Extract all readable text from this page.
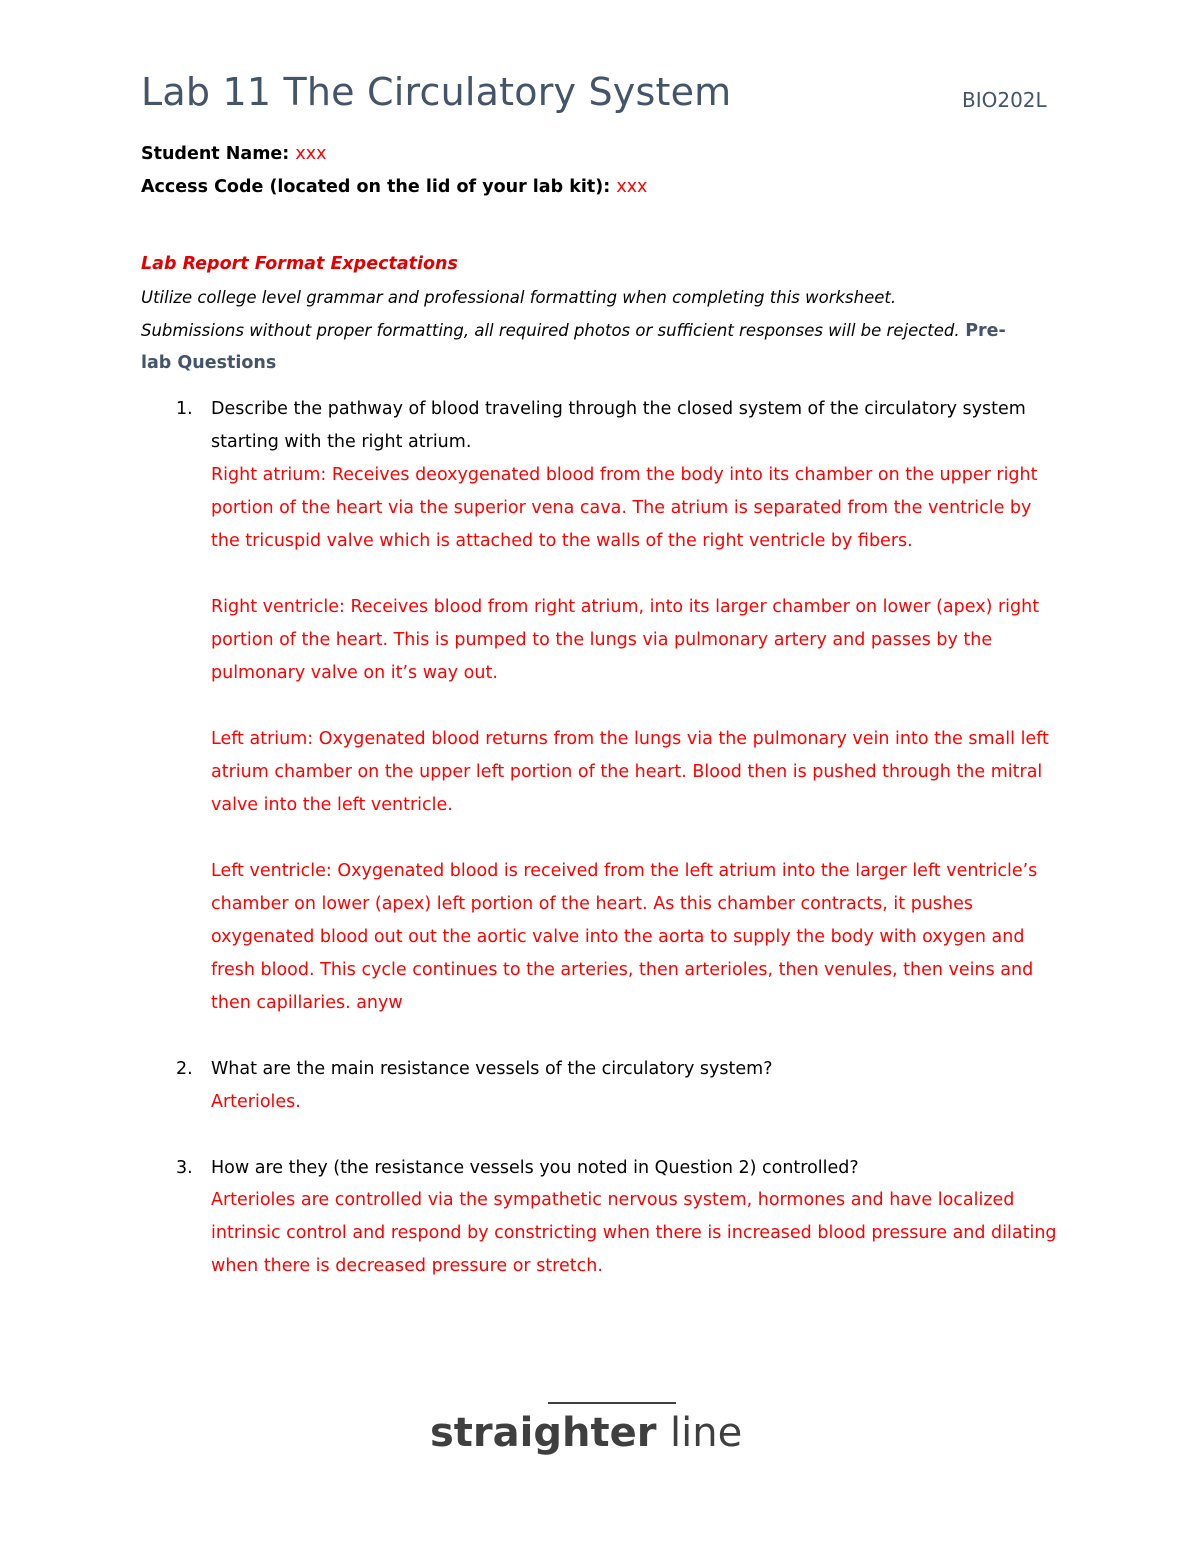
Lab 11 The Circulatory System	BIO202L
Student Name: xxx
Access Code (located on the lid of your lab kit): xxx
Lab Report Format Expectations
Utilize college level grammar and professional formatting when completing this worksheet.
Submissions without proper formatting, all required photos or sufficient responses will be rejected. Pre-
lab Questions
1. Describe the pathway of blood traveling through the closed system of the circulatory system
starting with the right atrium.
Right atrium: Receives deoxygenated blood from the body into its chamber on the upper right
portion of the heart via the superior vena cava. The atrium is separated from the ventricle by
the tricuspid valve which is attached to the walls of the right ventricle by fibers.
Right ventricle: Receives blood from right atrium, into its larger chamber on lower (apex) right
portion of the heart. This is pumped to the lungs via pulmonary artery and passes by the
pulmonary valve on it’s way out.
Left atrium: Oxygenated blood returns from the lungs via the pulmonary vein into the small left
atrium chamber on the upper left portion of the heart. Blood then is pushed through the mitral
valve into the left ventricle.
Left ventricle: Oxygenated blood is received from the left atrium into the larger left ventricle’s
chamber on lower (apex) left portion of the heart. As this chamber contracts, it pushes
oxygenated blood out out the aortic valve into the aorta to supply the body with oxygen and
fresh blood. This cycle continues to the arteries, then arterioles, then venules, then veins and
then capillaries. anyw
2. What are the main resistance vessels of the circulatory system?
Arterioles.
3. How are they (the resistance vessels you noted in Question 2) controlled?
Arterioles are controlled via the sympathetic nervous system, hormones and have localized
intrinsic control and respond by constricting when there is increased blood pressure and dilating
when there is decreased pressure or stretch.
straighter line
